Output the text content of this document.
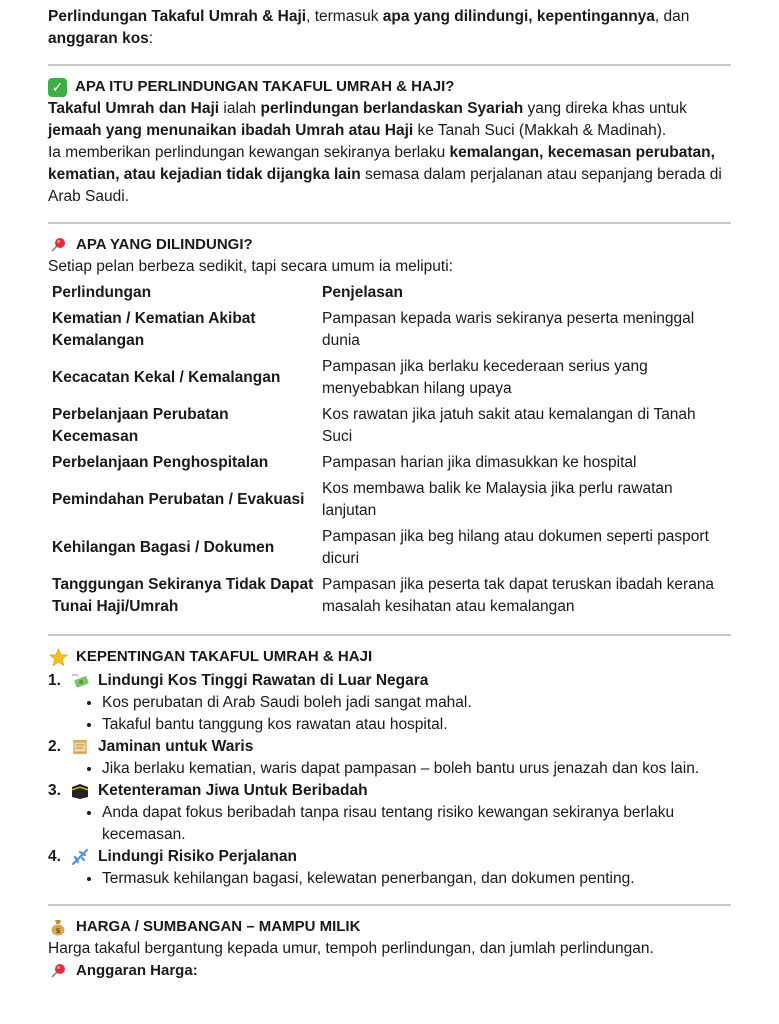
Perlindungan Takaful Umrah & Haji, termasuk apa yang dilindungi, kepentingannya, dan anggaran kos:

✓ APA ITU PERLINDUNGAN TAKAFUL UMRAH & HAJI?

Takaful Umrah dan Haji ialah perlindungan berlandaskan Syariah yang direka khas untuk jemaah yang menunaikan ibadah Umrah atau Haji ke Tanah Suci (Makkah & Madinah).
Ia memberikan perlindungan kewangan sekiranya berlaku kemalangan, kecemasan perubatan, kematian, atau kejadian tidak dijangka lain semasa dalam perjalanan atau sepanjang berada di Arab Saudi.

APA YANG DILINDUNGI?

Setiap pelan berbeza sedikit, tapi secara umum ia meliputi:

Perlindungan	Penjelasan
Kematian / Kematian Akibat Kemalangan	Pampasan kepada waris sekiranya peserta meninggal dunia
Kecacatan Kekal / Kemalangan	Pampasan jika berlaku kecederaan serius yang menyebabkan hilang upaya
Perbelanjaan Perubatan Kecemasan	Kos rawatan jika jatuh sakit atau kemalangan di Tanah Suci
Perbelanjaan Penghospitalan	Pampasan harian jika dimasukkan ke hospital
Pemindahan Perubatan / Evakuasi	Kos membawa balik ke Malaysia jika perlu rawatan lanjutan
Kehilangan Bagasi / Dokumen	Pampasan jika beg hilang atau dokumen seperti pasport dicuri
Tanggungan Sekiranya Tidak Dapat Tunai Haji/Umrah	Pampasan jika peserta tak dapat teruskan ibadah kerana masalah kesihatan atau kemalangan
KEPENTINGAN TAKAFUL UMRAH & HAJI
1.	Lindungi Kos Tinggi Rawatan di Luar Negara
• Kos perubatan di Arab Saudi boleh jadi sangat mahal.
• Takaful bantu tanggung kos rawatan atau hospital.
2.	Jaminan untuk Waris
• Jika berlaku kematian, waris dapat pampasan – boleh bantu urus jenazah dan kos lain.
3.	Ketenteraman Jiwa Untuk Beribadah
• Anda dapat fokus beribadah tanpa risau tentang risiko kewangan sekiranya berlaku kecemasan.
4.	Lindungi Risiko Perjalanan
• Termasuk kehilangan bagasi, kelewatan penerbangan, dan dokumen penting.
$ HARGA / SUMBANGAN – MAMPU MILIK

Harga takaful bergantung kepada umur, tempoh perlindungan, dan jumlah perlindungan.

Anggaran Harga:
